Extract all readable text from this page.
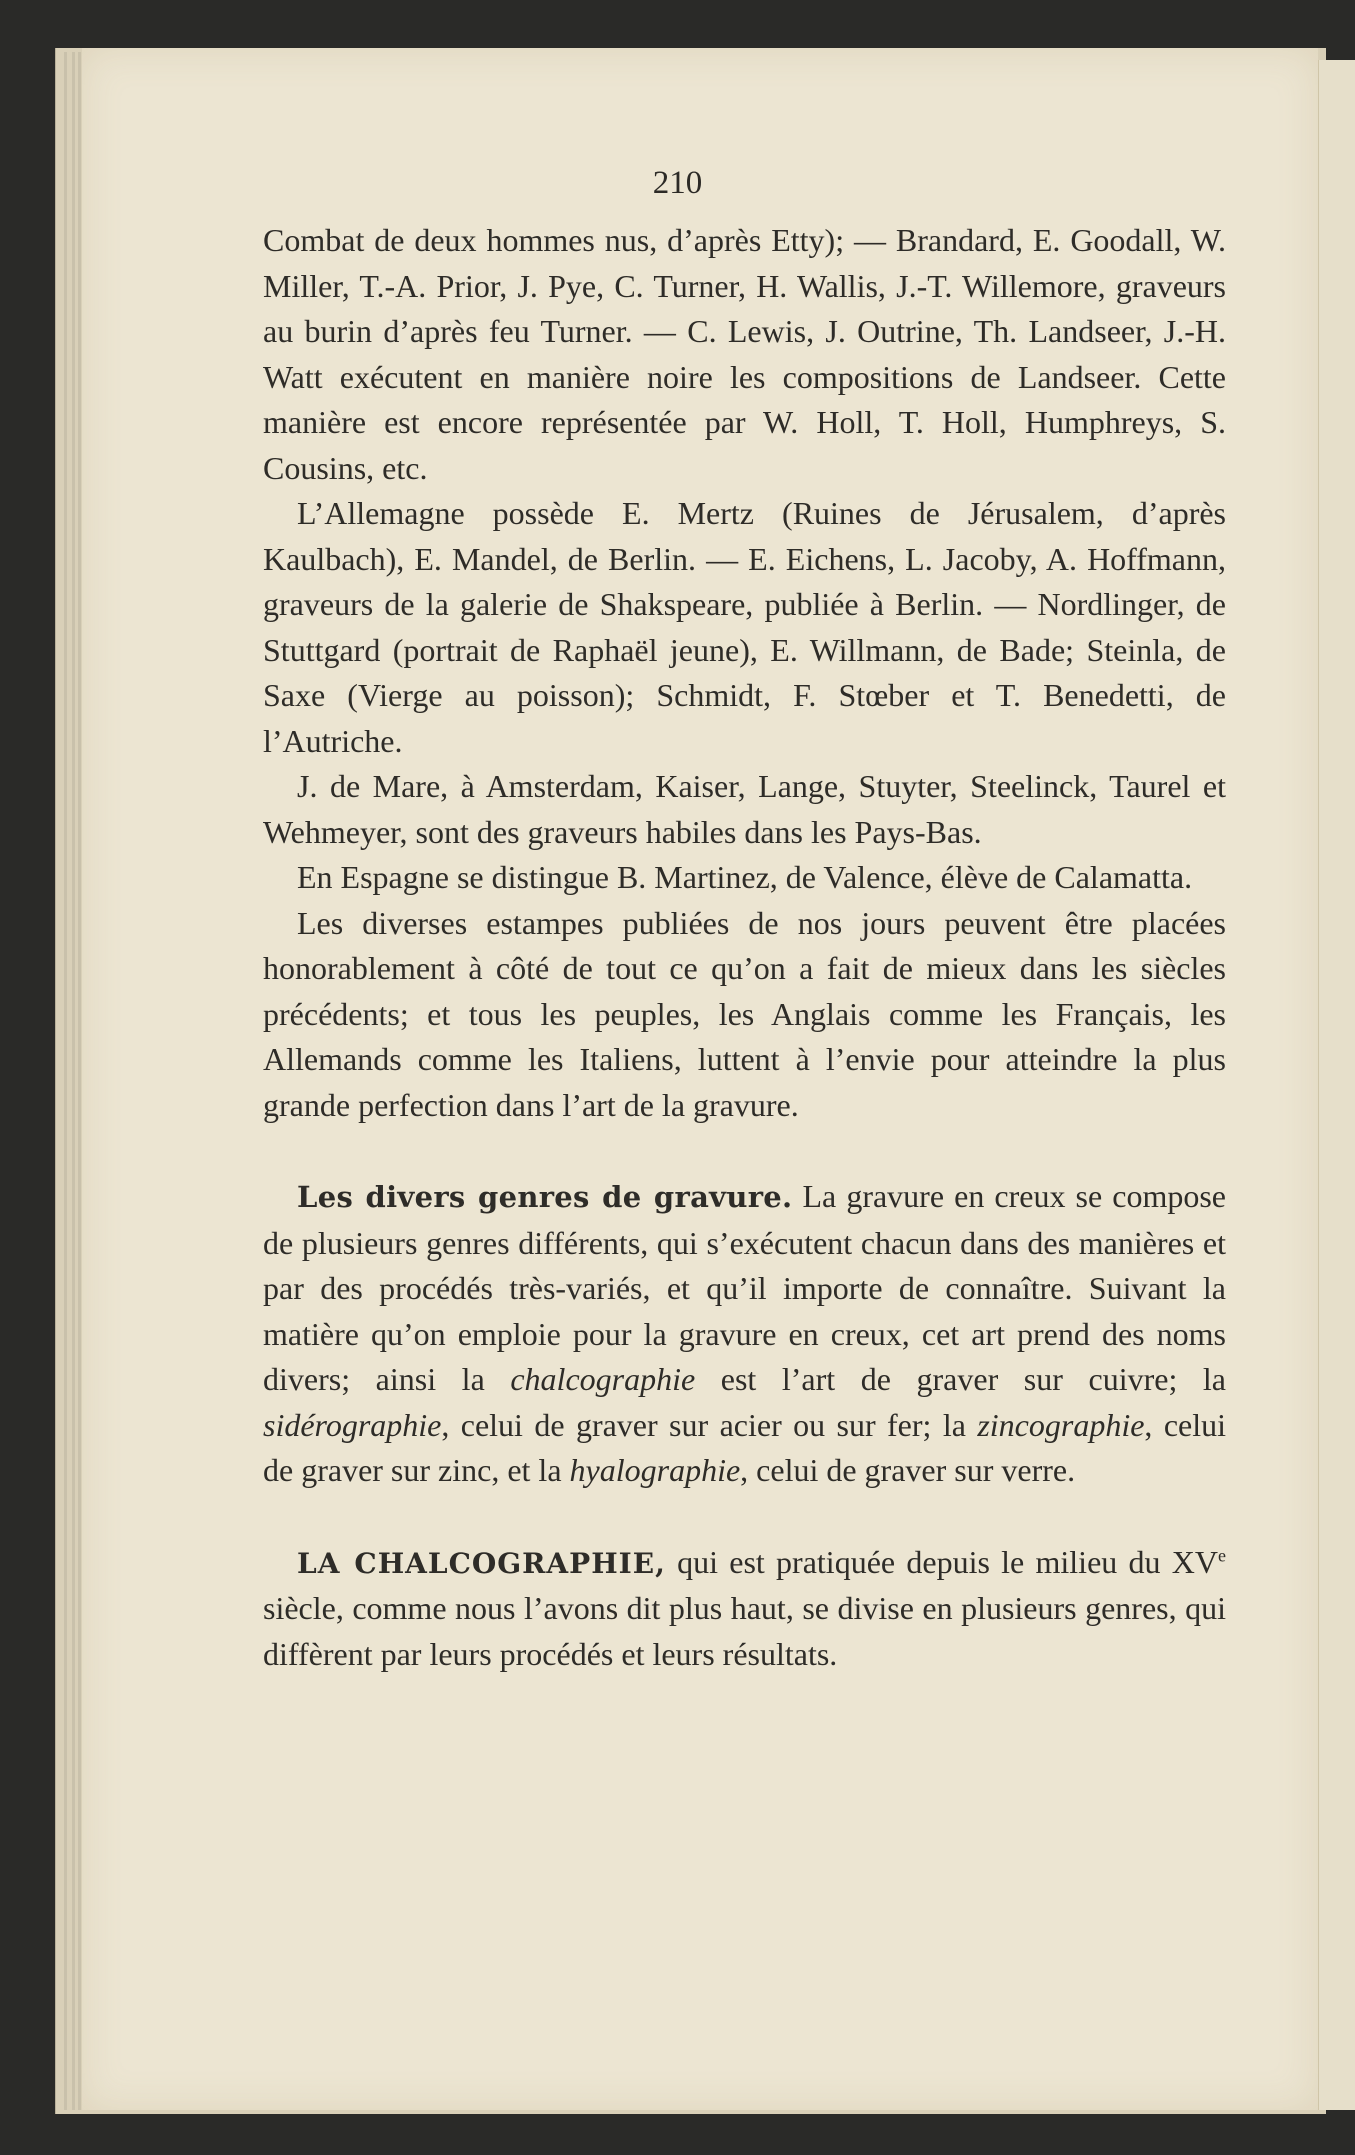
210

Combat de deux hommes nus, d’après Etty); — Brandard, E. Goodall, W. Miller, T.-A. Prior, J. Pye, C. Turner, H. Wallis, J.-T. Willemore, graveurs au burin d’après feu Turner. — C. Lewis, J. Outrine, Th. Landseer, J.-H. Watt exécutent en manière noire les compositions de Landseer. Cette manière est encore représentée par W. Holl, T. Holl, Humphreys, S. Cousins, etc.

L’Allemagne possède E. Mertz (Ruines de Jérusalem, d’après Kaulbach), E. Mandel, de Berlin. — E. Eichens, L. Jacoby, A. Hoffmann, graveurs de la galerie de Shakspeare, publiée à Berlin. — Nordlinger, de Stuttgard (portrait de Raphaël jeune), E. Willmann, de Bade; Steinla, de Saxe (Vierge au poisson); Schmidt, F. Stœber et T. Benedetti, de l’Autriche.

J. de Mare, à Amsterdam, Kaiser, Lange, Stuyter, Steelinck, Taurel et Wehmeyer, sont des graveurs habiles dans les Pays-Bas.

En Espagne se distingue B. Martinez, de Valence, élève de Calamatta.

Les diverses estampes publiées de nos jours peuvent être placées honorablement à côté de tout ce qu’on a fait de mieux dans les siècles précédents; et tous les peuples, les Anglais comme les Français, les Allemands comme les Italiens, luttent à l’envie pour atteindre la plus grande perfection dans l’art de la gravure.

Les divers genres de gravure. La gravure en creux se compose de plusieurs genres différents, qui s’exécutent chacun dans des manières et par des procédés très-variés, et qu’il importe de connaître. Suivant la matière qu’on emploie pour la gravure en creux, cet art prend des noms divers; ainsi la chalcographie est l’art de graver sur cuivre; la sidérographie, celui de graver sur acier ou sur fer; la zincographie, celui de graver sur zinc, et la hyalographie, celui de graver sur verre.

LA CHALCOGRAPHIE, qui est pratiquée depuis le milieu du XVe siècle, comme nous l’avons dit plus haut, se divise en plusieurs genres, qui diffèrent par leurs procédés et leurs résultats.
